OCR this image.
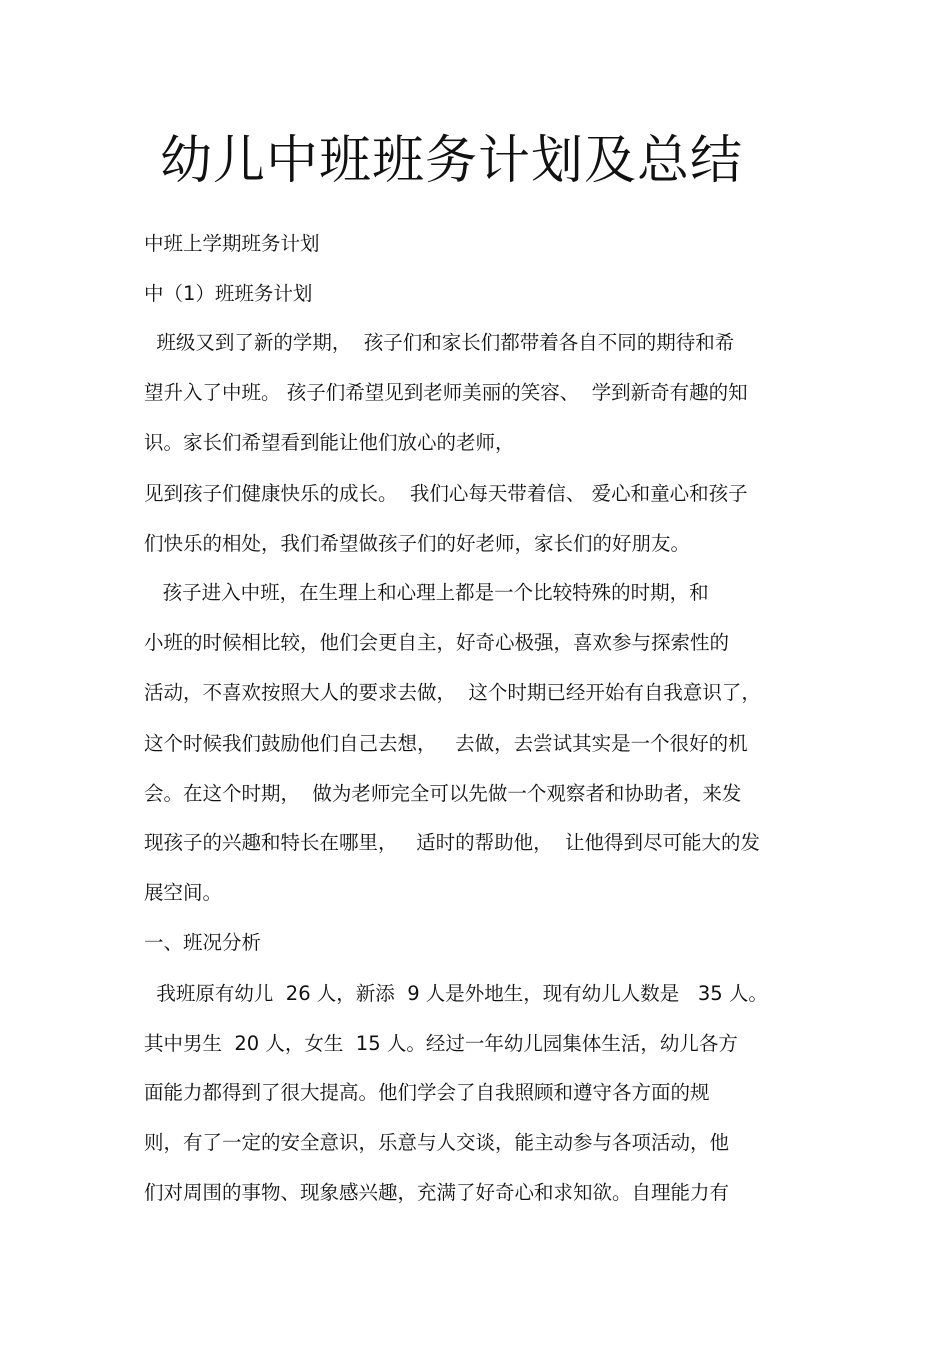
幼儿中班班务计划及总结
中班上学期班务计划
中（1）班班务计划
班级又到了新的学期，  孩子们和家长们都带着各自不同的期待和希
望升入了中班。 孩子们希望见到老师美丽的笑容、  学到新奇有趣的知
识。家长们希望看到能让他们放心的老师，
见到孩子们健康快乐的成长。  我们心每天带着信、 爱心和童心和孩子
们快乐的相处，我们希望做孩子们的好老师，家长们的好朋友。
孩子进入中班，在生理上和心理上都是一个比较特殊的时期，和
小班的时候相比较，他们会更自主，好奇心极强，喜欢参与探索性的
活动，不喜欢按照大人的要求去做，  这个时期已经开始有自我意识了，
这个时候我们鼓励他们自己去想，   去做，去尝试其实是一个很好的机
会。在这个时期，  做为老师完全可以先做一个观察者和协助者，来发
现孩子的兴趣和特长在哪里，   适时的帮助他，  让他得到尽可能大的发
展空间。
一、班况分析
我班原有幼儿  26 人，新添  9 人是外地生，现有幼儿人数是   35 人。
其中男生  20 人，女生  15 人。经过一年幼儿园集体生活，幼儿各方
面能力都得到了很大提高。他们学会了自我照顾和遵守各方面的规
则，有了一定的安全意识，乐意与人交谈，能主动参与各项活动，他
们对周围的事物、现象感兴趣，充满了好奇心和求知欲。自理能力有
